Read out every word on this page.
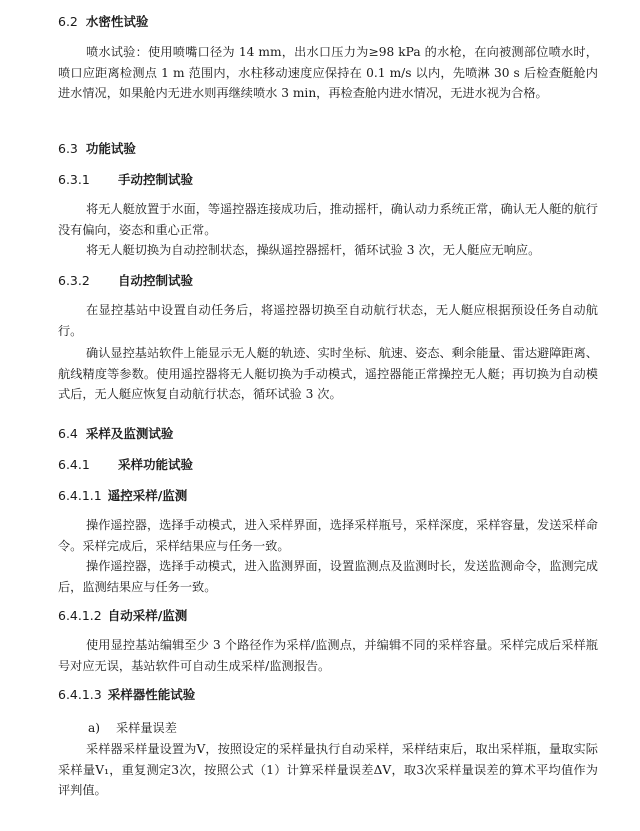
6.2 水密性试验

喷水试验：使用喷嘴口径为 14 mm，出水口压力为≥98 kPa 的水枪，在向被测部位喷水时，喷口应距离检测点 1 m 范围内，水柱移动速度应保持在 0.1 m/s 以内，先喷淋 30 s 后检查艇舱内进水情况，如果舱内无进水则再继续喷水 3 min，再检查舱内进水情况，无进水视为合格。

6.3 功能试验
6.3.1 手动控制试验

将无人艇放置于水面，等遥控器连接成功后，推动摇杆，确认动力系统正常，确认无人艇的航行没有偏向，姿态和重心正常。

将无人艇切换为自动控制状态，操纵遥控器摇杆，循环试验 3 次，无人艇应无响应。

6.3.2 自动控制试验

在显控基站中设置自动任务后，将遥控器切换至自动航行状态，无人艇应根据预设任务自动航行。

确认显控基站软件上能显示无人艇的轨迹、实时坐标、航速、姿态、剩余能量、雷达避障距离、航线精度等参数。使用遥控器将无人艇切换为手动模式，遥控器能正常操控无人艇；再切换为自动模式后，无人艇应恢复自动航行状态，循环试验 3 次。

6.4 采样及监测试验
6.4.1 采样功能试验
6.4.1.1 遥控采样/监测

操作遥控器，选择手动模式，进入采样界面，选择采样瓶号，采样深度，采样容量，发送采样命令。采样完成后，采样结果应与任务一致。

操作遥控器，选择手动模式，进入监测界面，设置监测点及监测时长，发送监测命令，监测完成后，监测结果应与任务一致。

6.4.1.2 自动采样/监测

使用显控基站编辑至少 3 个路径作为采样/监测点，并编辑不同的采样容量。采样完成后采样瓶号对应无误，基站软件可自动生成采样/监测报告。

6.4.1.3 采样器性能试验
a) 采样量误差

采样器采样量设置为V，按照设定的采样量执行自动采样，采样结束后，取出采样瓶，量取实际采样量V₁，重复测定3次，按照公式（1）计算采样量误差ΔV，取3次采样量误差的算术平均值作为评判值。
